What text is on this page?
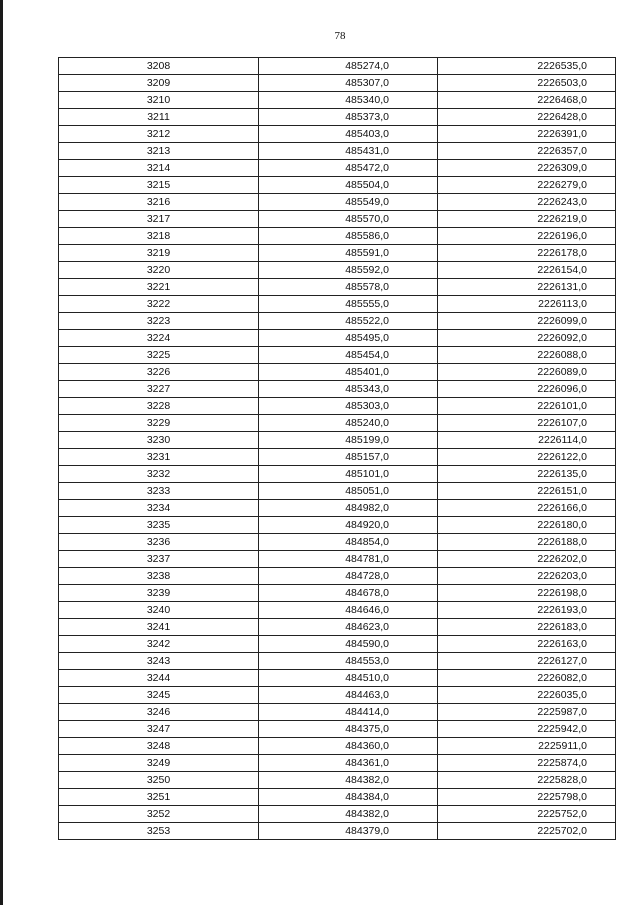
78
3208	485274,0	2226535,0
3209	485307,0	2226503,0
3210	485340,0	2226468,0
3211	485373,0	2226428,0
3212	485403,0	2226391,0
3213	485431,0	2226357,0
3214	485472,0	2226309,0
3215	485504,0	2226279,0
3216	485549,0	2226243,0
3217	485570,0	2226219,0
3218	485586,0	2226196,0
3219	485591,0	2226178,0
3220	485592,0	2226154,0
3221	485578,0	2226131,0
3222	485555,0	2226113,0
3223	485522,0	2226099,0
3224	485495,0	2226092,0
3225	485454,0	2226088,0
3226	485401,0	2226089,0
3227	485343,0	2226096,0
3228	485303,0	2226101,0
3229	485240,0	2226107,0
3230	485199,0	2226114,0
3231	485157,0	2226122,0
3232	485101,0	2226135,0
3233	485051,0	2226151,0
3234	484982,0	2226166,0
3235	484920,0	2226180,0
3236	484854,0	2226188,0
3237	484781,0	2226202,0
3238	484728,0	2226203,0
3239	484678,0	2226198,0
3240	484646,0	2226193,0
3241	484623,0	2226183,0
3242	484590,0	2226163,0
3243	484553,0	2226127,0
3244	484510,0	2226082,0
3245	484463,0	2226035,0
3246	484414,0	2225987,0
3247	484375,0	2225942,0
3248	484360,0	2225911,0
3249	484361,0	2225874,0
3250	484382,0	2225828,0
3251	484384,0	2225798,0
3252	484382,0	2225752,0
3253	484379,0	2225702,0
